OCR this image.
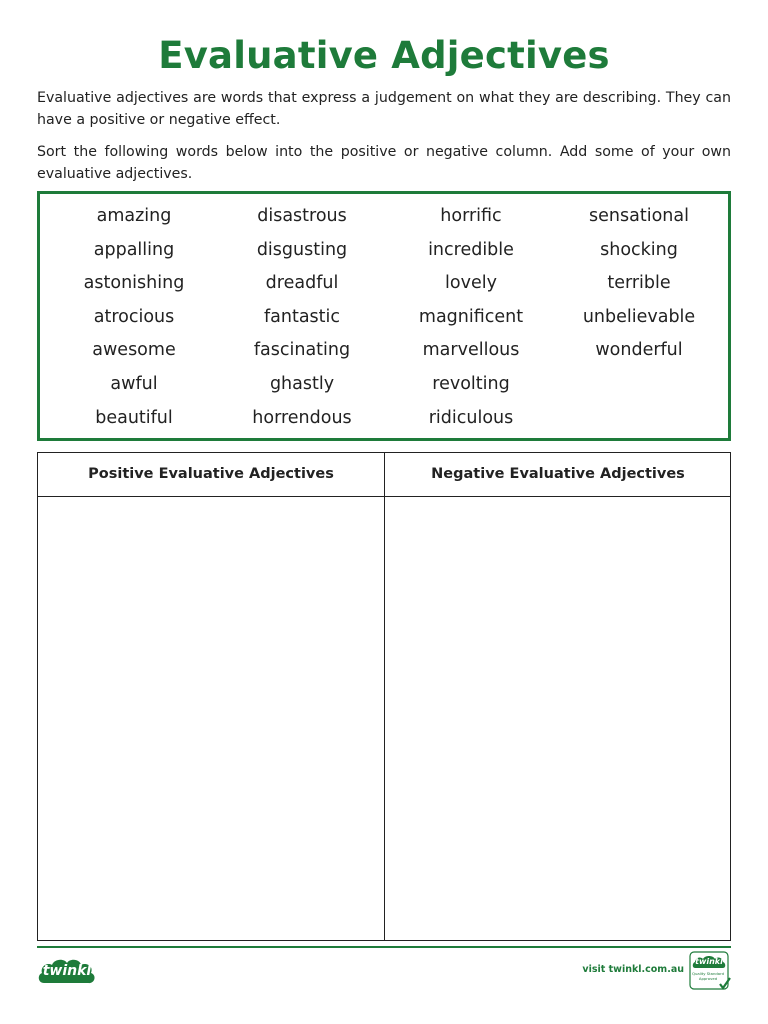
Evaluative Adjectives
Evaluative adjectives are words that express a judgement on what they are describing. They can have a positive or negative effect.
Sort the following words below into the positive or negative column. Add some of your own evaluative adjectives.
amazing
appalling
astonishing
atrocious
awesome
awful
beautiful
disastrous
disgusting
dreadful
fantastic
fascinating
ghastly
horrendous
horrific
incredible
lovely
magnificent
marvellous
revolting
ridiculous
sensational
shocking
terrible
unbelievable
wonderful
Positive Evaluative Adjectives	Negative Evaluative Adjectives
twinkl	visit twinkl.com.au
twinkl
Quality Standard Approved
